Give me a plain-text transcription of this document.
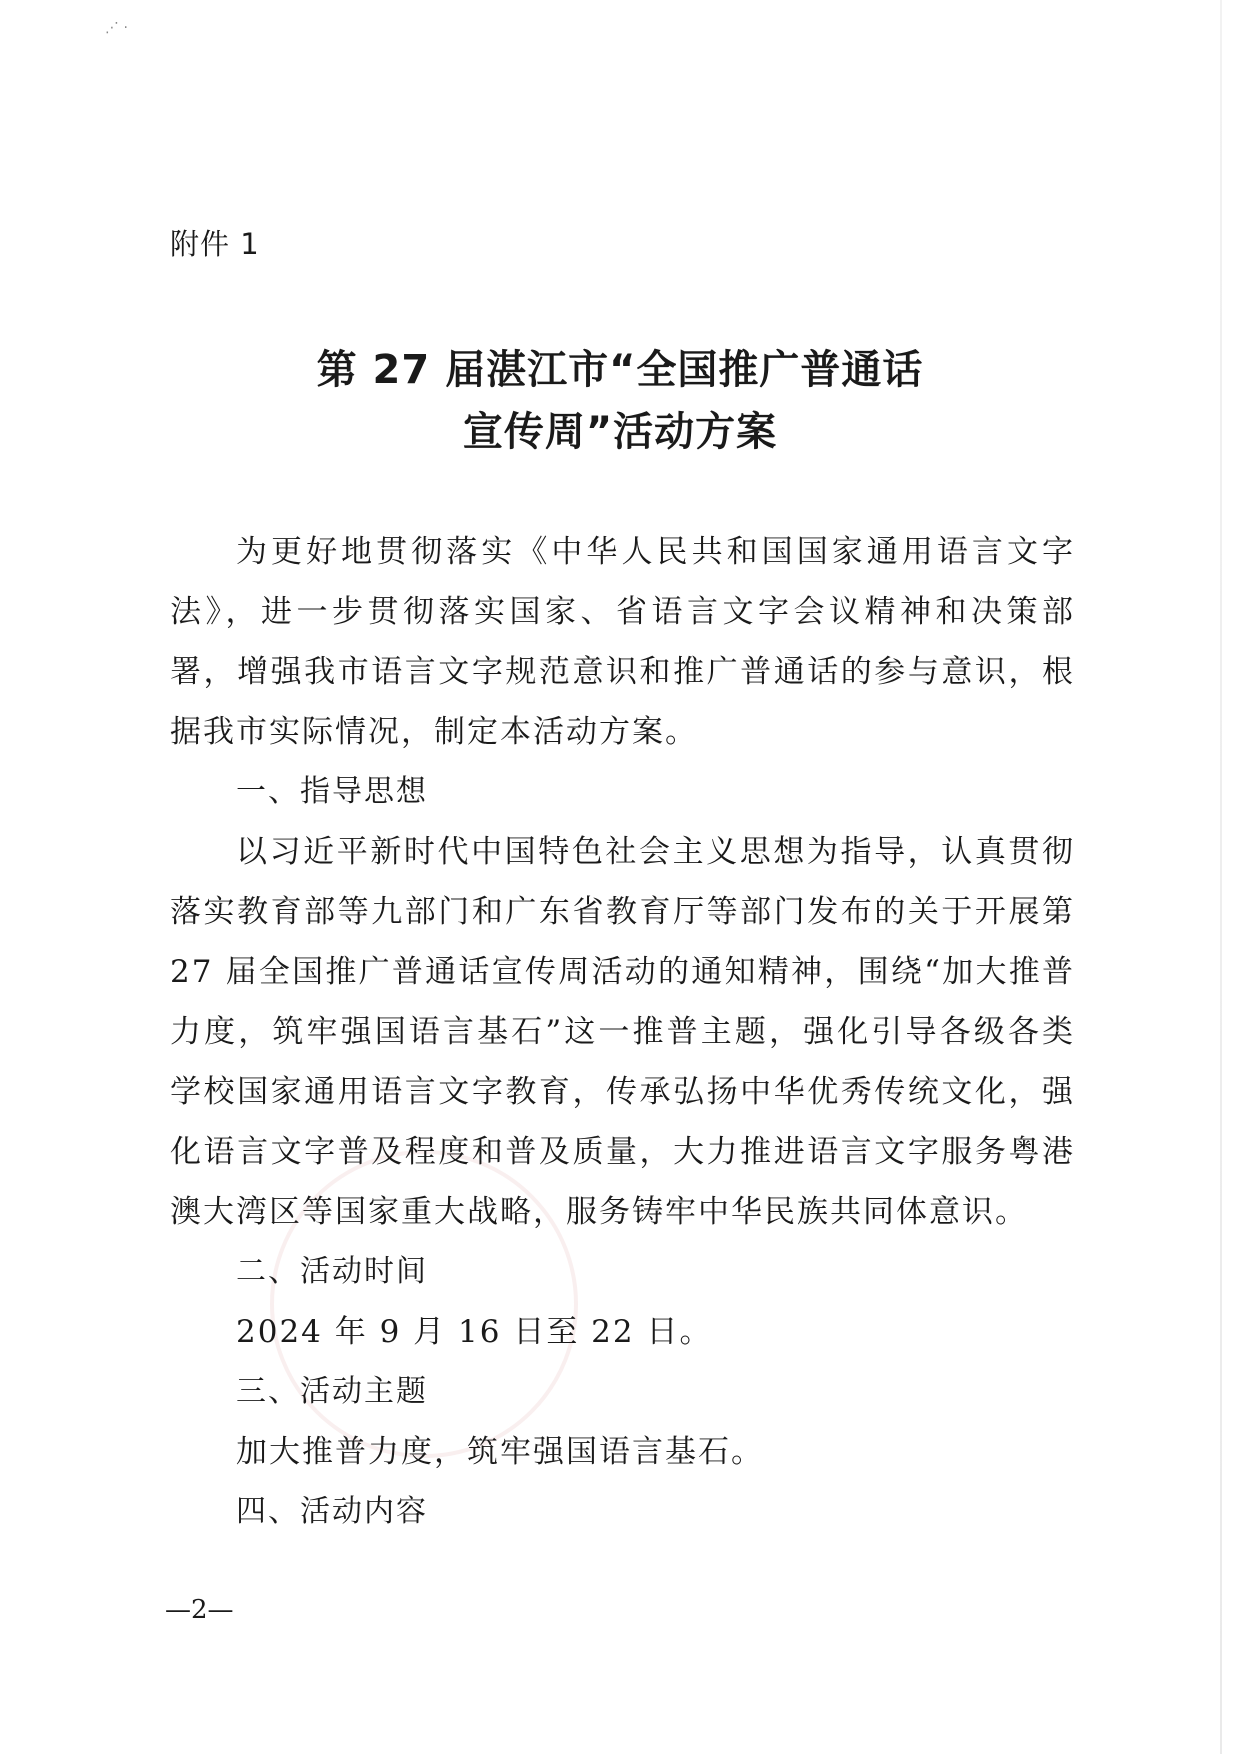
⋰ ·
附件 1
第 27 届湛江市“全国推广普通话
宣传周”活动方案

为更好地贯彻落实《中华人民共和国国家通用语言文字法》，进一步贯彻落实国家、省语言文字会议精神和决策部署，增强我市语言文字规范意识和推广普通话的参与意识，根据我市实际情况，制定本活动方案。

一、指导思想

以习近平新时代中国特色社会主义思想为指导，认真贯彻落实教育部等九部门和广东省教育厅等部门发布的关于开展第 27 届全国推广普通话宣传周活动的通知精神，围绕“加大推普力度，筑牢强国语言基石”这一推普主题，强化引导各级各类学校国家通用语言文字教育，传承弘扬中华优秀传统文化，强化语言文字普及程度和普及质量，大力推进语言文字服务粤港澳大湾区等国家重大战略，服务铸牢中华民族共同体意识。

二、活动时间

2024 年 9 月 16 日至 22 日。

三、活动主题

加大推普力度，筑牢强国语言基石。

四、活动内容

—2—
